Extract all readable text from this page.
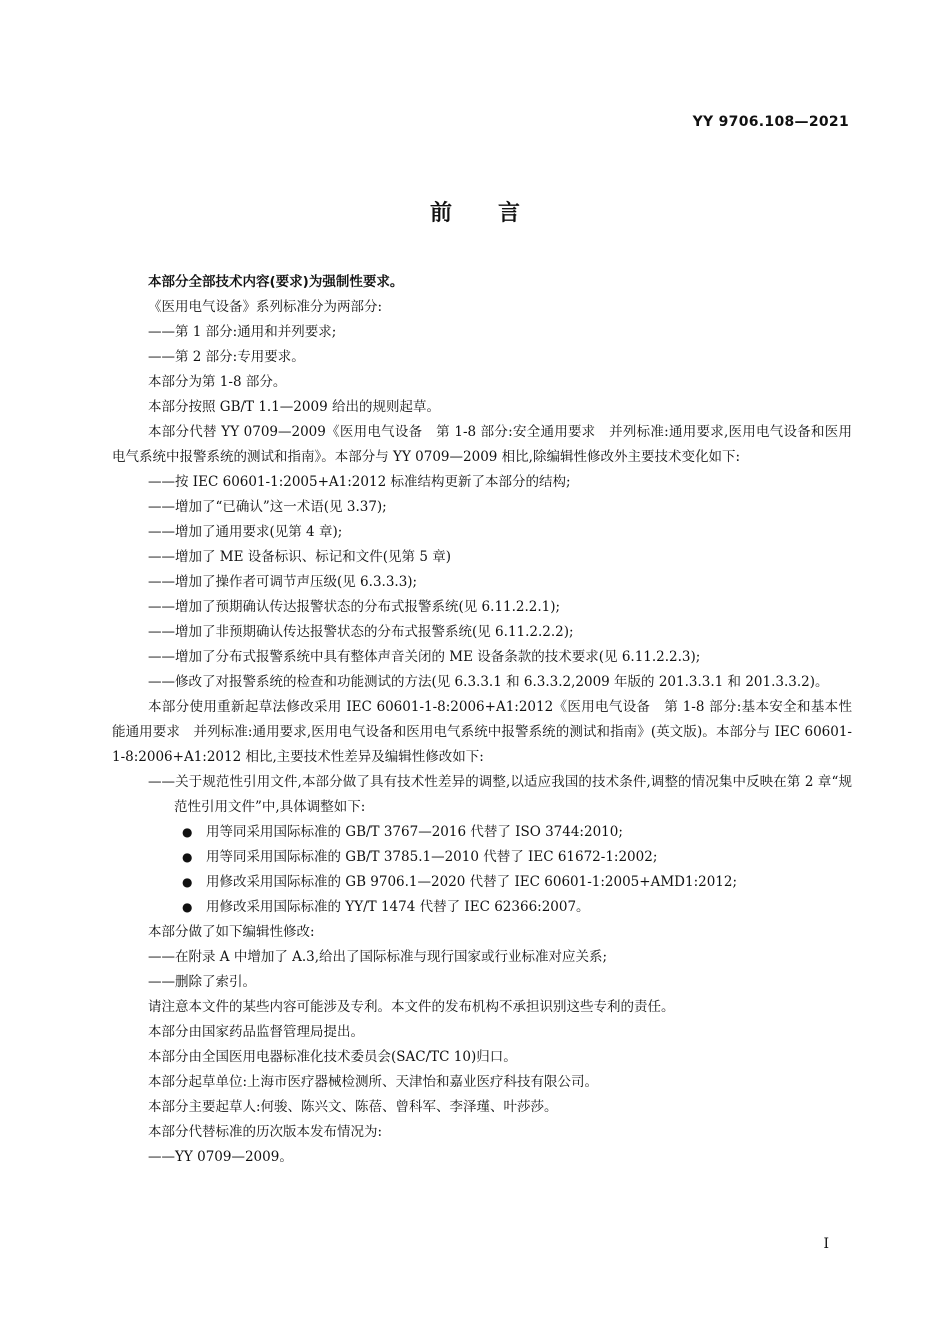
YY 9706.108—2021
前言

本部分全部技术内容(要求)为强制性要求。

《医用电气设备》系列标准分为两部分:

——第 1 部分:通用和并列要求;

——第 2 部分:专用要求。

本部分为第 1-8 部分。

本部分按照 GB/T 1.1—2009 给出的规则起草。

本部分代替 YY 0709—2009《医用电气设备　第 1-8 部分:安全通用要求　并列标准:通用要求,医用电气设备和医用电气系统中报警系统的测试和指南》。本部分与 YY 0709—2009 相比,除编辑性修改外主要技术变化如下:

——按 IEC 60601-1:2005+A1:2012 标准结构更新了本部分的结构;

——增加了“已确认”这一术语(见 3.37);

——增加了通用要求(见第 4 章);

——增加了 ME 设备标识、标记和文件(见第 5 章)

——增加了操作者可调节声压级(见 6.3.3.3);

——增加了预期确认传达报警状态的分布式报警系统(见 6.11.2.2.1);

——增加了非预期确认传达报警状态的分布式报警系统(见 6.11.2.2.2);

——增加了分布式报警系统中具有整体声音关闭的 ME 设备条款的技术要求(见 6.11.2.2.3);

——修改了对报警系统的检查和功能测试的方法(见 6.3.3.1 和 6.3.3.2,2009 年版的 201.3.3.1 和 201.3.3.2)。

本部分使用重新起草法修改采用 IEC 60601-1-8:2006+A1:2012《医用电气设备　第 1-8 部分:基本安全和基本性能通用要求　并列标准:通用要求,医用电气设备和医用电气系统中报警系统的测试和指南》(英文版)。本部分与 IEC 60601-1-8:2006+A1:2012 相比,主要技术性差异及编辑性修改如下:

——关于规范性引用文件,本部分做了具有技术性差异的调整,以适应我国的技术条件,调整的情况集中反映在第 2 章“规范性引用文件”中,具体调整如下:

● 用等同采用国际标准的 GB/T 3767—2016 代替了 ISO 3744:2010;

● 用等同采用国际标准的 GB/T 3785.1—2010 代替了 IEC 61672-1:2002;

● 用修改采用国际标准的 GB 9706.1—2020 代替了 IEC 60601-1:2005+AMD1:2012;

● 用修改采用国际标准的 YY/T 1474 代替了 IEC 62366:2007。

本部分做了如下编辑性修改:

——在附录 A 中增加了 A.3,给出了国际标准与现行国家或行业标准对应关系;

——删除了索引。

请注意本文件的某些内容可能涉及专利。本文件的发布机构不承担识别这些专利的责任。

本部分由国家药品监督管理局提出。

本部分由全国医用电器标准化技术委员会(SAC/TC 10)归口。

本部分起草单位:上海市医疗器械检测所、天津怡和嘉业医疗科技有限公司。

本部分主要起草人:何骏、陈兴文、陈蓓、曾科军、李泽瑾、叶莎莎。

本部分代替标准的历次版本发布情况为:

——YY 0709—2009。

I
